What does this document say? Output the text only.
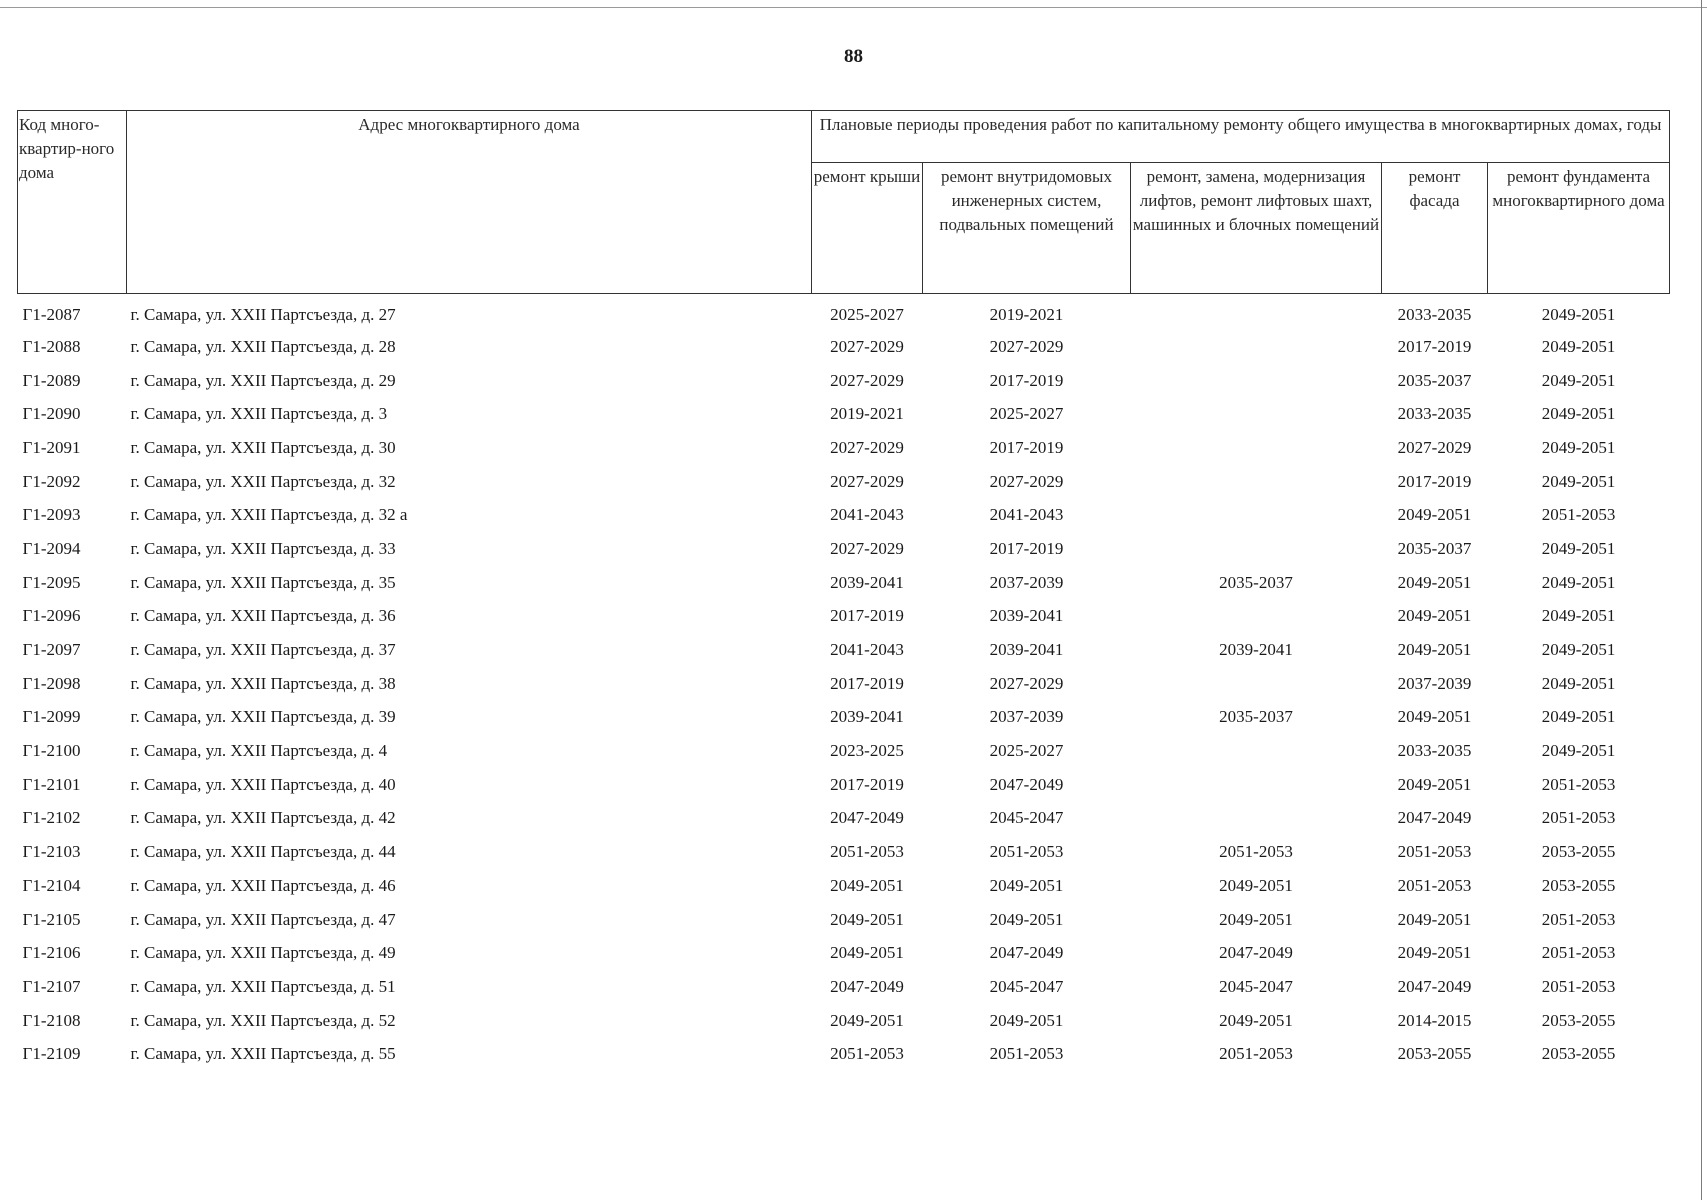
88
Код много-квартир-ного дома	Адрес многоквартирного дома	Плановые периоды проведения работ по капитальному ремонту общего имущества в многоквартирных домах, годы				
		ремонт крыши	ремонт внутридомовых инженерных систем, подвальных помещений	ремонт, замена, модернизация лифтов, ремонт лифтовых шахт, машинных и блочных помещений	ремонт фасада	ремонт фундамента многоквартирного дома
Г1-2087	г. Самара, ул. XXII Партсъезда, д. 27	2025-2027	2019-2021		2033-2035	2049-2051
Г1-2088	г. Самара, ул. XXII Партсъезда, д. 28	2027-2029	2027-2029		2017-2019	2049-2051
Г1-2089	г. Самара, ул. XXII Партсъезда, д. 29	2027-2029	2017-2019		2035-2037	2049-2051
Г1-2090	г. Самара, ул. XXII Партсъезда, д. 3	2019-2021	2025-2027		2033-2035	2049-2051
Г1-2091	г. Самара, ул. XXII Партсъезда, д. 30	2027-2029	2017-2019		2027-2029	2049-2051
Г1-2092	г. Самара, ул. XXII Партсъезда, д. 32	2027-2029	2027-2029		2017-2019	2049-2051
Г1-2093	г. Самара, ул. XXII Партсъезда, д. 32 а	2041-2043	2041-2043		2049-2051	2051-2053
Г1-2094	г. Самара, ул. XXII Партсъезда, д. 33	2027-2029	2017-2019		2035-2037	2049-2051
Г1-2095	г. Самара, ул. XXII Партсъезда, д. 35	2039-2041	2037-2039	2035-2037	2049-2051	2049-2051
Г1-2096	г. Самара, ул. XXII Партсъезда, д. 36	2017-2019	2039-2041		2049-2051	2049-2051
Г1-2097	г. Самара, ул. XXII Партсъезда, д. 37	2041-2043	2039-2041	2039-2041	2049-2051	2049-2051
Г1-2098	г. Самара, ул. XXII Партсъезда, д. 38	2017-2019	2027-2029		2037-2039	2049-2051
Г1-2099	г. Самара, ул. XXII Партсъезда, д. 39	2039-2041	2037-2039	2035-2037	2049-2051	2049-2051
Г1-2100	г. Самара, ул. XXII Партсъезда, д. 4	2023-2025	2025-2027		2033-2035	2049-2051
Г1-2101	г. Самара, ул. XXII Партсъезда, д. 40	2017-2019	2047-2049		2049-2051	2051-2053
Г1-2102	г. Самара, ул. XXII Партсъезда, д. 42	2047-2049	2045-2047		2047-2049	2051-2053
Г1-2103	г. Самара, ул. XXII Партсъезда, д. 44	2051-2053	2051-2053	2051-2053	2051-2053	2053-2055
Г1-2104	г. Самара, ул. XXII Партсъезда, д. 46	2049-2051	2049-2051	2049-2051	2051-2053	2053-2055
Г1-2105	г. Самара, ул. XXII Партсъезда, д. 47	2049-2051	2049-2051	2049-2051	2049-2051	2051-2053
Г1-2106	г. Самара, ул. XXII Партсъезда, д. 49	2049-2051	2047-2049	2047-2049	2049-2051	2051-2053
Г1-2107	г. Самара, ул. XXII Партсъезда, д. 51	2047-2049	2045-2047	2045-2047	2047-2049	2051-2053
Г1-2108	г. Самара, ул. XXII Партсъезда, д. 52	2049-2051	2049-2051	2049-2051	2014-2015	2053-2055
Г1-2109	г. Самара, ул. XXII Партсъезда, д. 55	2051-2053	2051-2053	2051-2053	2053-2055	2053-2055
